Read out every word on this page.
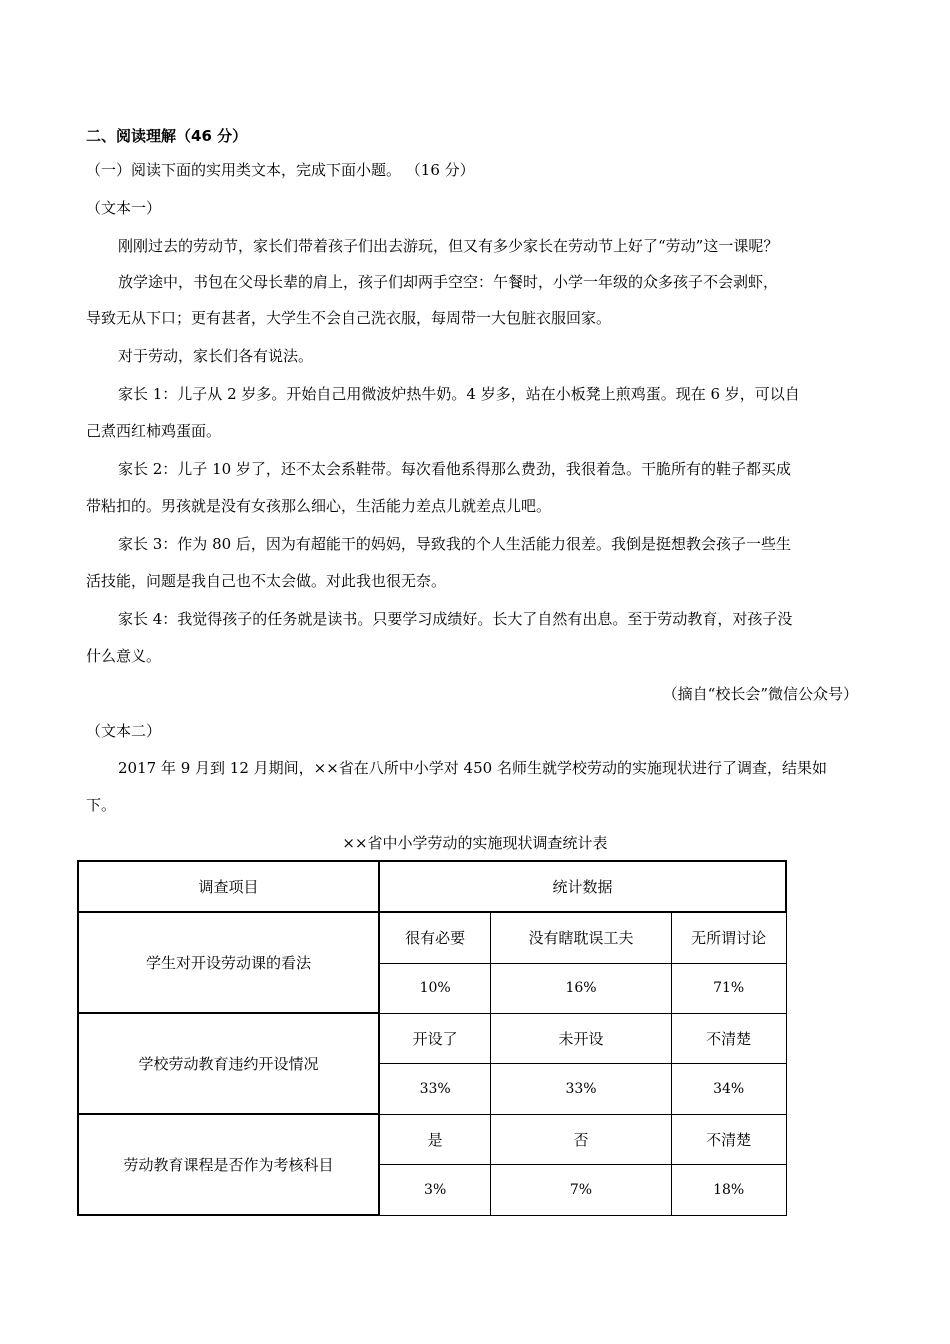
二、阅读理解（46 分）
（一）阅读下面的实用类文本，完成下面小题。 （16 分）
（文本一）
刚刚过去的劳动节，家长们带着孩子们出去游玩，但又有多少家长在劳动节上好了“劳动”这一课呢？
放学途中，书包在父母长辈的肩上，孩子们却两手空空：午餐时，小学一年级的众多孩子不会剥虾，
导致无从下口；更有甚者，大学生不会自己洗衣服，每周带一大包脏衣服回家。
对于劳动，家长们各有说法。
家长 1：儿子从 2 岁多。开始自己用微波炉热牛奶。4 岁多，站在小板凳上煎鸡蛋。现在 6 岁，可以自
己煮西红柿鸡蛋面。
家长 2：儿子 10 岁了，还不太会系鞋带。每次看他系得那么费劲，我很着急。干脆所有的鞋子都买成
带粘扣的。男孩就是没有女孩那么细心，生活能力差点儿就差点儿吧。
家长 3：作为 80 后，因为有超能干的妈妈，导致我的个人生活能力很差。我倒是挺想教会孩子一些生
活技能，问题是我自己也不太会做。对此我也很无奈。
家长 4：我觉得孩子的任务就是读书。只要学习成绩好。长大了自然有出息。至于劳动教育，对孩子没
什么意义。
（摘自“校长会”微信公众号）
（文本二）
2017 年 9 月到 12 月期间，××省在八所中小学对 450 名师生就学校劳动的实施现状进行了调查，结果如
下。
××省中小学劳动的实施现状调查统计表
调查项目	统计数据		
学生对开设劳动课的看法	很有必要	没有瞎耽误工夫	无所谓讨论
	10%	16%	71%
学校劳动教育违约开设情况	开设了	未开设	不清楚
	33%	33%	34%
劳动教育课程是否作为考核科目	是	否	不清楚
	3%	7%	18%
